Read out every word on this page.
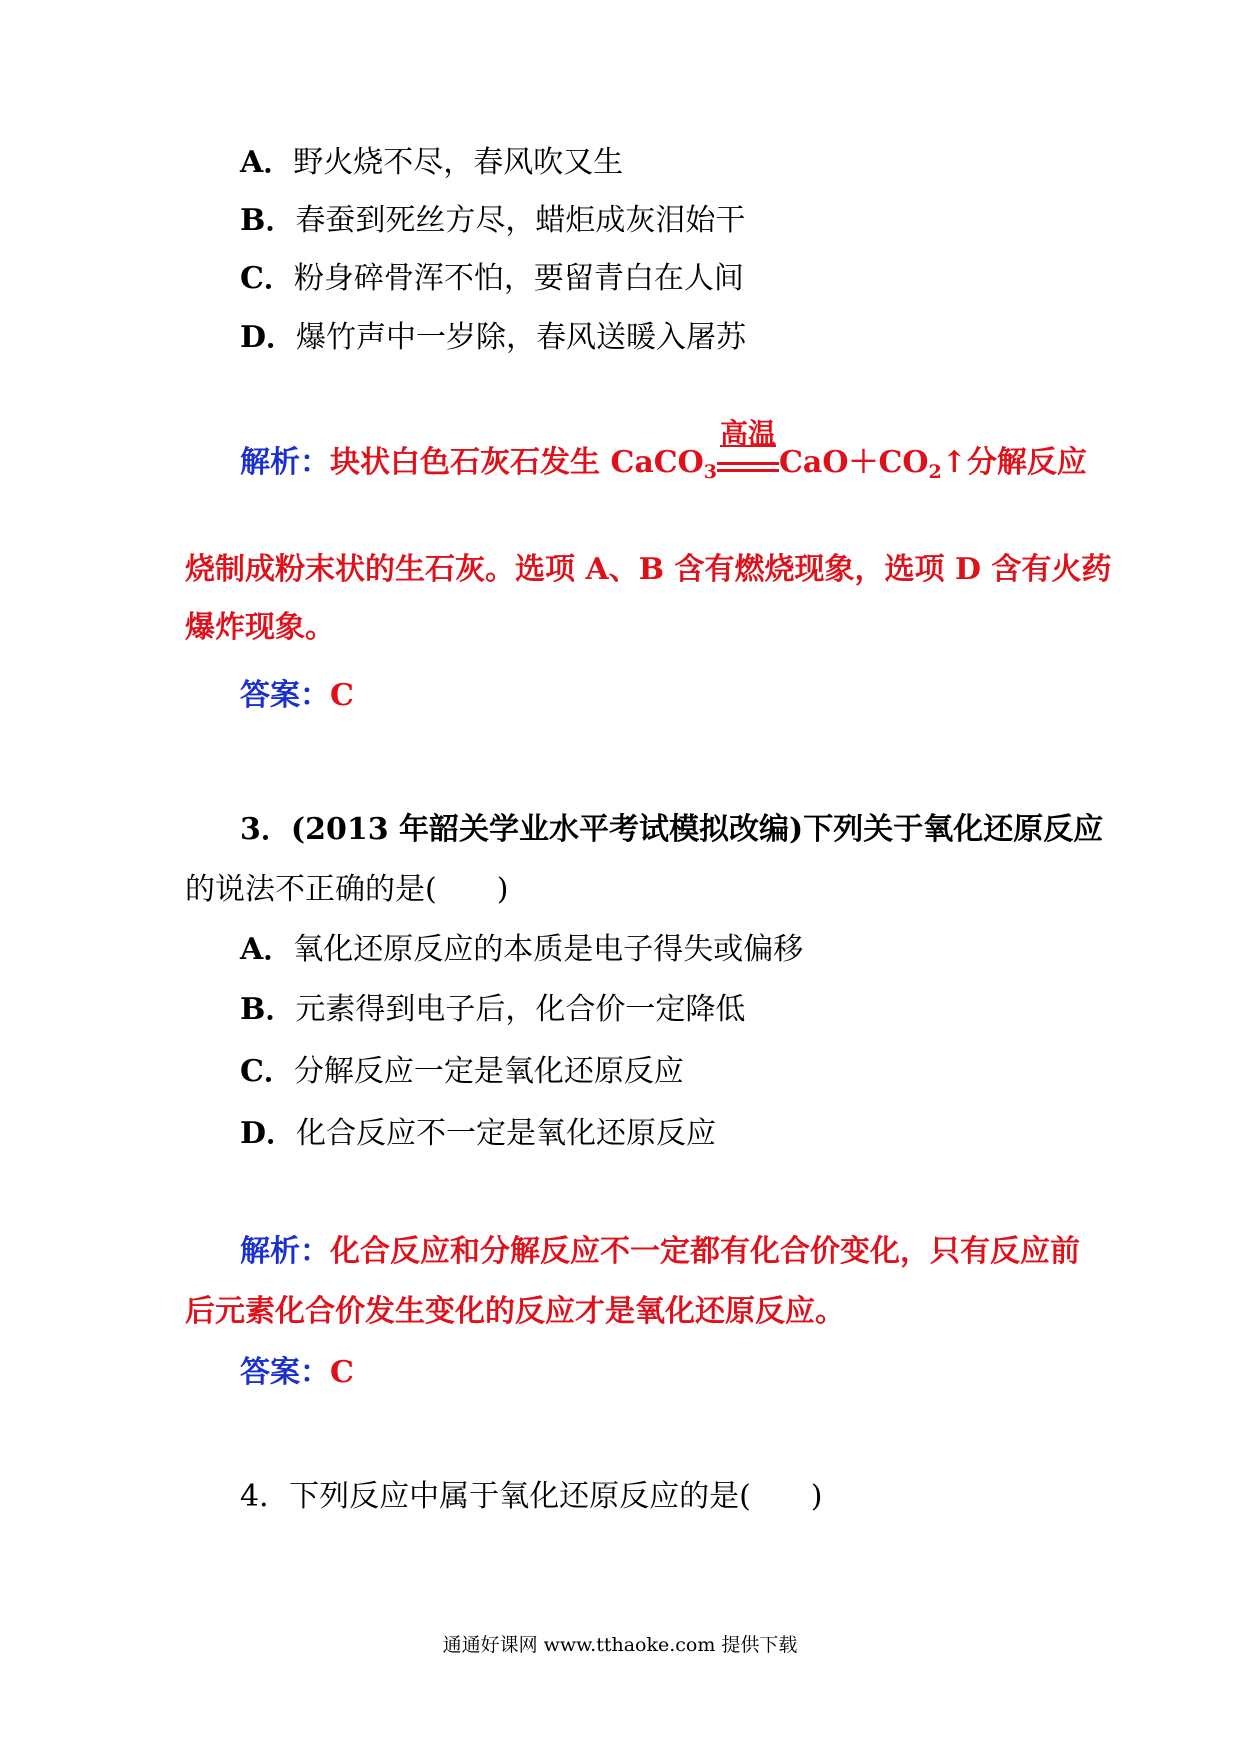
A．野火烧不尽，春风吹又生
B．春蚕到死丝方尽，蜡炬成灰泪始干
C．粉身碎骨浑不怕，要留青白在人间
D．爆竹声中一岁除，春风送暖入屠苏
解析：块状白色石灰石发生 CaCO$_3$
高温
$CaO+CO_2↑$分解反应
烧制成粉末状的生石灰。选项 A、B 含有燃烧现象，选项 D 含有火药
爆炸现象。
答案：C
3．(2013 年韶关学业水平考试模拟改编)下列关于氧化还原反应
的说法不正确的是(　　)
A．氧化还原反应的本质是电子得失或偏移
B．元素得到电子后，化合价一定降低
C．分解反应一定是氧化还原反应
D．化合反应不一定是氧化还原反应
解析：化合反应和分解反应不一定都有化合价变化，只有反应前
后元素化合价发生变化的反应才是氧化还原反应。
答案：C
4．下列反应中属于氧化还原反应的是(　　)
通通好课网 www.tthaoke.com 提供下载
